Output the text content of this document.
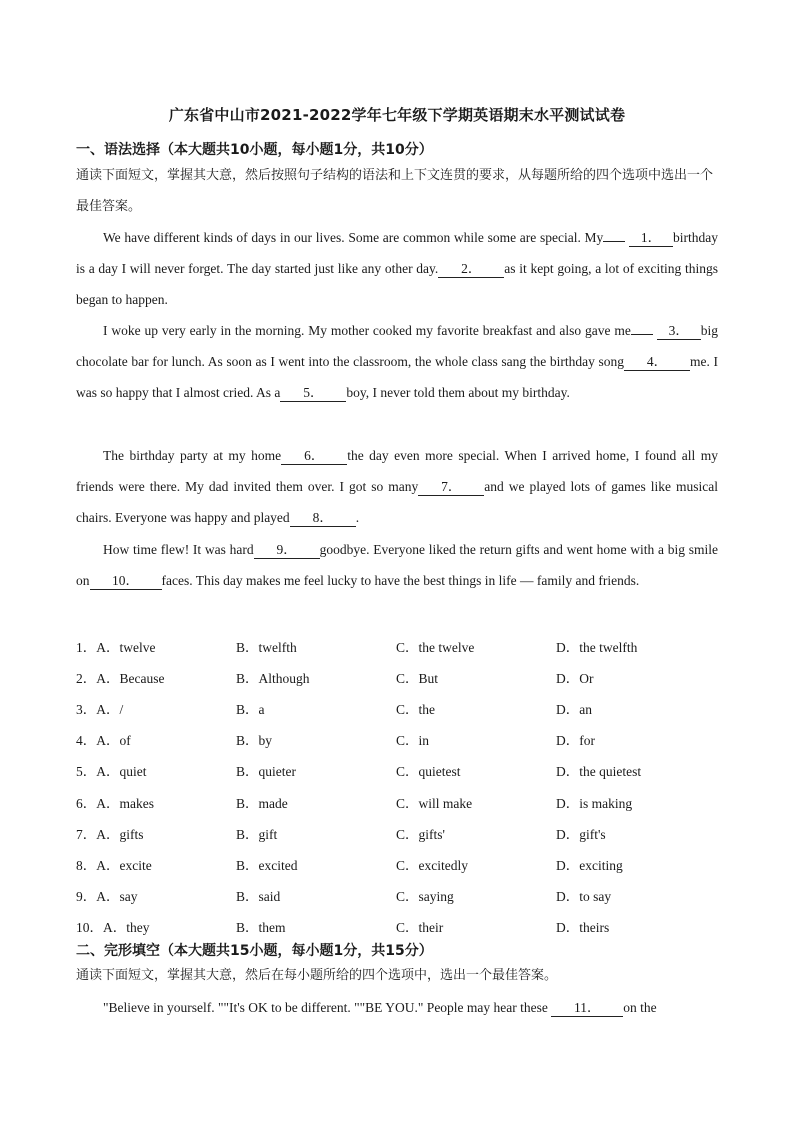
广东省中山市2021-2022学年七年级下学期英语期末水平测试试卷
一、语法选择（本大题共10小题，每小题1分，共10分）
通读下面短文，掌握其大意，然后按照句子结构的语法和上下文连贯的要求，从每题所给的四个选项中选出一个最佳答案。
We have different kinds of days in our lives. Some are common while some are special. My	1． birthday is a day I will never forget. The day started just like any other day. 2． as it kept going, a lot of exciting things began to happen.
I woke up very early in the morning. My mother cooked my favorite breakfast and also gave me	3． big chocolate bar for lunch. As soon as I went into the classroom, the whole class sang the birthday song 4． me. I was so happy that I almost cried. As a 5． boy, I never told them about my birthday.
The birthday party at my home 6． the day even more special. When I arrived home, I found all my friends were there. My dad invited them over. I got so many 7． and we played lots of games like musical chairs. Everyone was happy and played 8． .
How time flew! It was hard 9． goodbye. Everyone liked the return gifts and went home with a big smile on 10． faces. This day makes me feel lucky to have the best things in life — family and friends.
1．A．twelve	B．twelfth	C．the twelve	D．the twelfth
2．A．Because	B．Although	C．But	D．Or
3．A．/	B．a	C．the	D．an
4．A．of	B．by	C．in	D．for
5．A．quiet	B．quieter	C．quietest	D．the quietest
6．A．makes	B．made	C．will make	D．is making
7．A．gifts	B．gift	C．gifts'	D．gift's
8．A．excite	B．excited	C．excitedly	D．exciting
9．A．say	B．said	C．saying	D．to say
10．A．they	B．them	C．their	D．theirs
二、完形填空（本大题共15小题，每小题1分，共15分）
通读下面短文，掌握其大意，然后在每小题所给的四个选项中，选出一个最佳答案。
"Believe in yourself. ""It's OK to be different. ""BE YOU." People may hear these 11． on the
